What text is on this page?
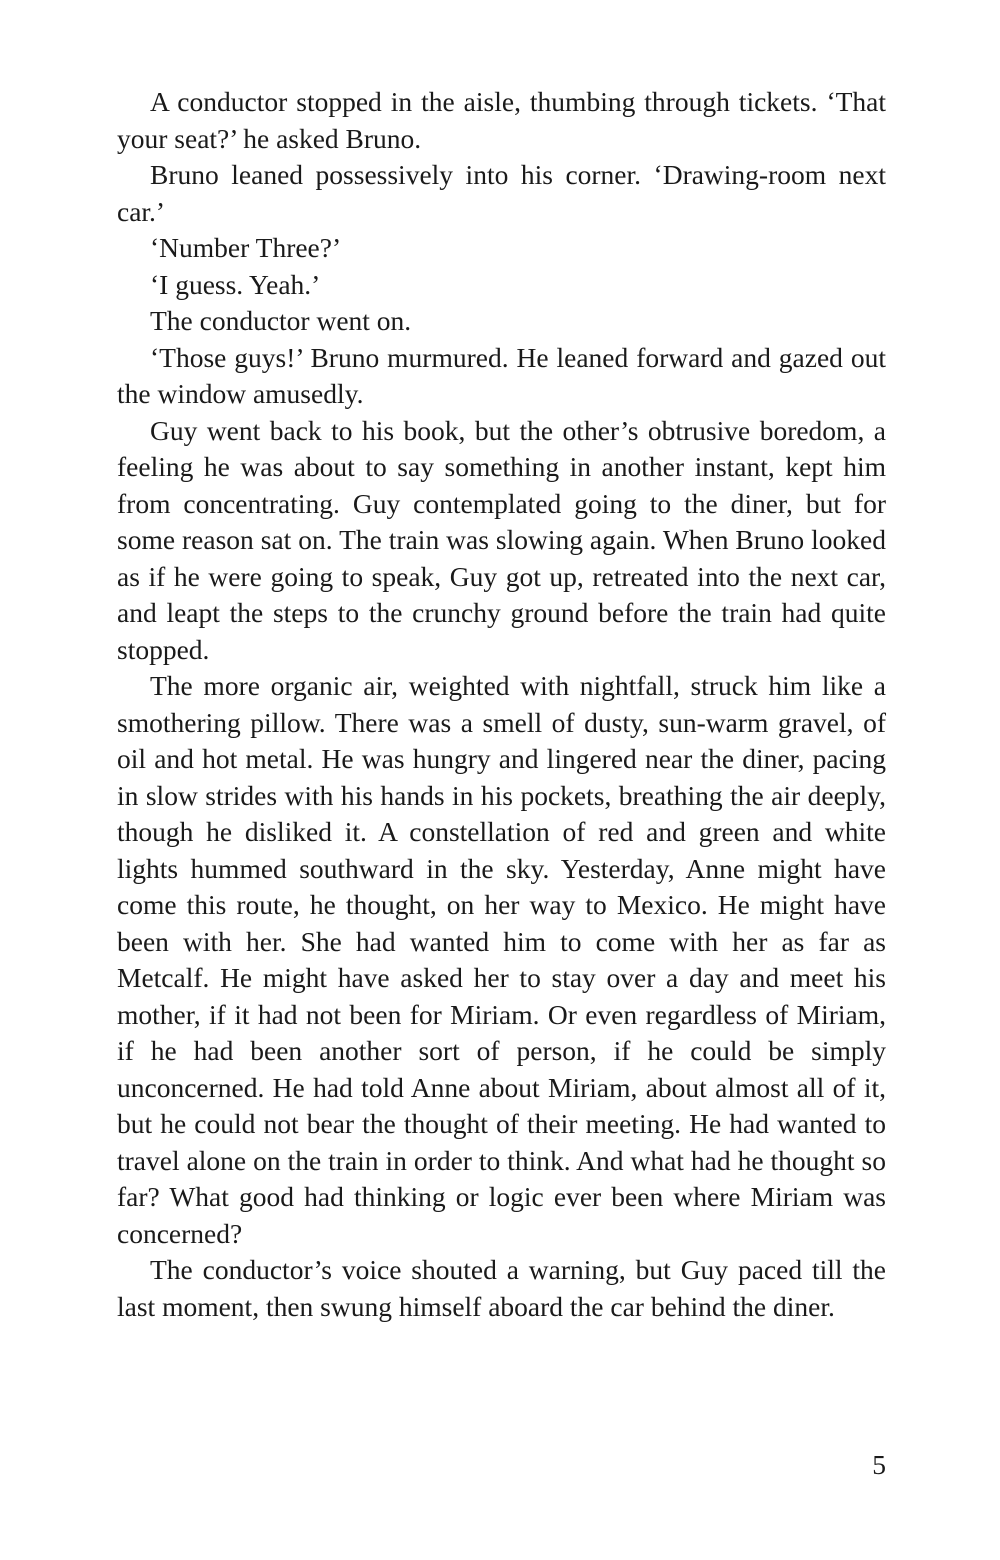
A conductor stopped in the aisle, thumbing through tickets. ‘That your seat?’ he asked Bruno.

Bruno leaned possessively into his corner. ‘Drawing-room next car.’

‘Number Three?’

‘I guess. Yeah.’

The conductor went on.

‘Those guys!’ Bruno murmured. He leaned forward and gazed out the window amusedly.

Guy went back to his book, but the other’s obtrusive boredom, a feeling he was about to say something in another instant, kept him from concentrating. Guy contemplated going to the diner, but for some reason sat on. The train was slowing again. When Bruno looked as if he were going to speak, Guy got up, retreated into the next car, and leapt the steps to the crunchy ground before the train had quite stopped.

The more organic air, weighted with nightfall, struck him like a smothering pillow. There was a smell of dusty, sun-warm gravel, of oil and hot metal. He was hungry and lingered near the diner, pacing in slow strides with his hands in his pockets, breathing the air deeply, though he disliked it. A constellation of red and green and white lights hummed southward in the sky. Yesterday, Anne might have come this route, he thought, on her way to Mexico. He might have been with her. She had wanted him to come with her as far as Metcalf. He might have asked her to stay over a day and meet his mother, if it had not been for Miriam. Or even regardless of Miriam, if he had been another sort of person, if he could be simply unconcerned. He had told Anne about Miriam, about almost all of it, but he could not bear the thought of their meeting. He had wanted to travel alone on the train in order to think. And what had he thought so far? What good had thinking or logic ever been where Miriam was concerned?

The conductor’s voice shouted a warning, but Guy paced till the last moment, then swung himself aboard the car behind the diner.

5
